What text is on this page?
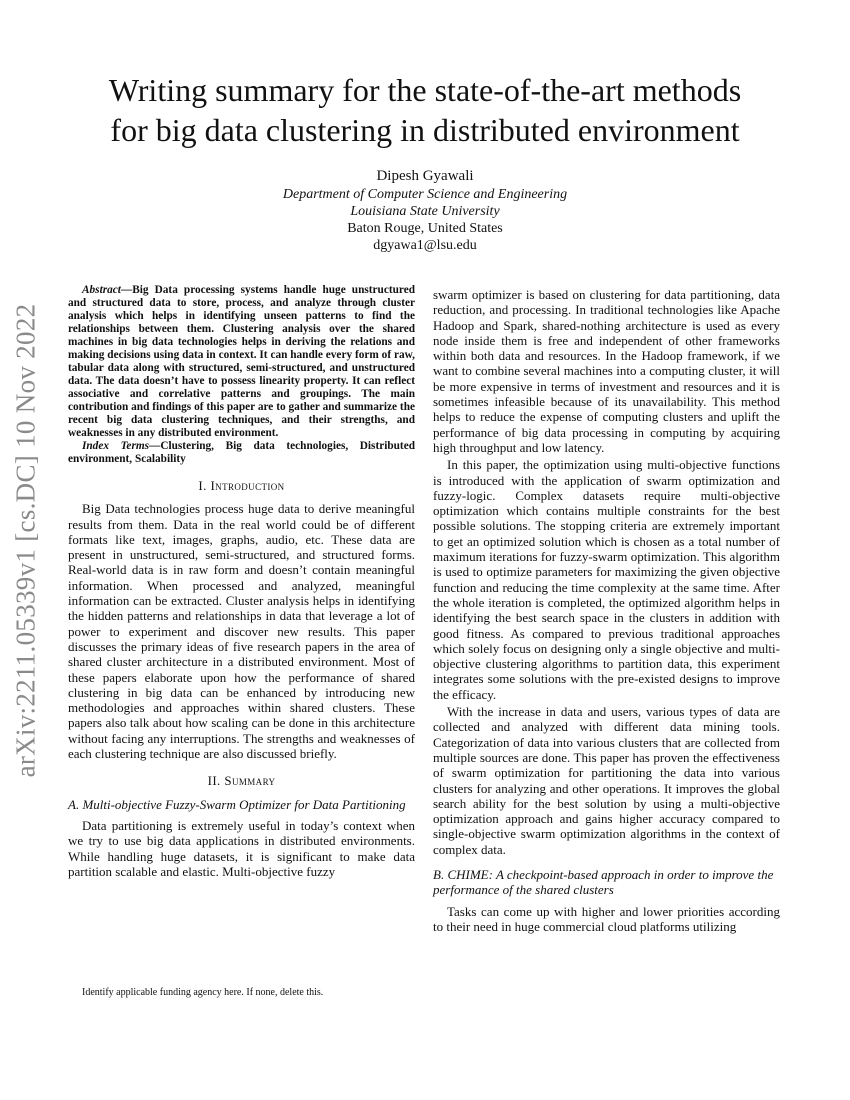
arXiv:2211.05339v1 [cs.DC] 10 Nov 2022
Writing summary for the state-of-the-art methods
for big data clustering in distributed environment
Dipesh Gyawali
Department of Computer Science and Engineering
Louisiana State University
Baton Rouge, United States
dgyawa1@lsu.edu

Abstract—Big Data processing systems handle huge unstructured and structured data to store, process, and analyze through cluster analysis which helps in identifying unseen patterns to find the relationships between them. Clustering analysis over the shared machines in big data technologies helps in deriving the relations and making decisions using data in context. It can handle every form of raw, tabular data along with structured, semi-structured, and unstructured data. The data doesn’t have to possess linearity property. It can reflect associative and correlative patterns and groupings. The main contribution and findings of this paper are to gather and summarize the recent big data clustering techniques, and their strengths, and weaknesses in any distributed environment.

Index Terms—Clustering, Big data technologies, Distributed environment, Scalability

I. Introduction

Big Data technologies process huge data to derive meaningful results from them. Data in the real world could be of different formats like text, images, graphs, audio, etc. These data are present in unstructured, semi-structured, and structured forms. Real-world data is in raw form and doesn’t contain meaningful information. When processed and analyzed, meaningful information can be extracted. Cluster analysis helps in identifying the hidden patterns and relationships in data that leverage a lot of power to experiment and discover new results. This paper discusses the primary ideas of five research papers in the area of shared cluster architecture in a distributed environment. Most of these papers elaborate upon how the performance of shared clustering in big data can be enhanced by introducing new methodologies and approaches within shared clusters. These papers also talk about how scaling can be done in this architecture without facing any interruptions. The strengths and weaknesses of each clustering technique are also discussed briefly.

II. Summary
A. Multi-objective Fuzzy-Swarm Optimizer for Data Partitioning

Data partitioning is extremely useful in today’s context when we try to use big data applications in distributed environments. While handling huge datasets, it is significant to make data partition scalable and elastic. Multi-objective fuzzy

swarm optimizer is based on clustering for data partitioning, data reduction, and processing. In traditional technologies like Apache Hadoop and Spark, shared-nothing architecture is used as every node inside them is free and independent of other frameworks within both data and resources. In the Hadoop framework, if we want to combine several machines into a computing cluster, it will be more expensive in terms of investment and resources and it is sometimes infeasible because of its unavailability. This method helps to reduce the expense of computing clusters and uplift the performance of big data processing in computing by acquiring high throughput and low latency.

In this paper, the optimization using multi-objective functions is introduced with the application of swarm optimization and fuzzy-logic. Complex datasets require multi-objective optimization which contains multiple constraints for the best possible solutions. The stopping criteria are extremely important to get an optimized solution which is chosen as a total number of maximum iterations for fuzzy-swarm optimization. This algorithm is used to optimize parameters for maximizing the given objective function and reducing the time complexity at the same time. After the whole iteration is completed, the optimized algorithm helps in identifying the best search space in the clusters in addition with good fitness. As compared to previous traditional approaches which solely focus on designing only a single objective and multi-objective clustering algorithms to partition data, this experiment integrates some solutions with the pre-existed designs to improve the efficacy.

With the increase in data and users, various types of data are collected and analyzed with different data mining tools. Categorization of data into various clusters that are collected from multiple sources are done. This paper has proven the effectiveness of swarm optimization for partitioning the data into various clusters for analyzing and other operations. It improves the global search ability for the best solution by using a multi-objective optimization approach and gains higher accuracy compared to single-objective swarm optimization algorithms in the context of complex data.

B. CHIME: A checkpoint-based approach in order to improve the performance of the shared clusters

Tasks can come up with higher and lower priorities according to their need in huge commercial cloud platforms utilizing

Identify applicable funding agency here. If none, delete this.
